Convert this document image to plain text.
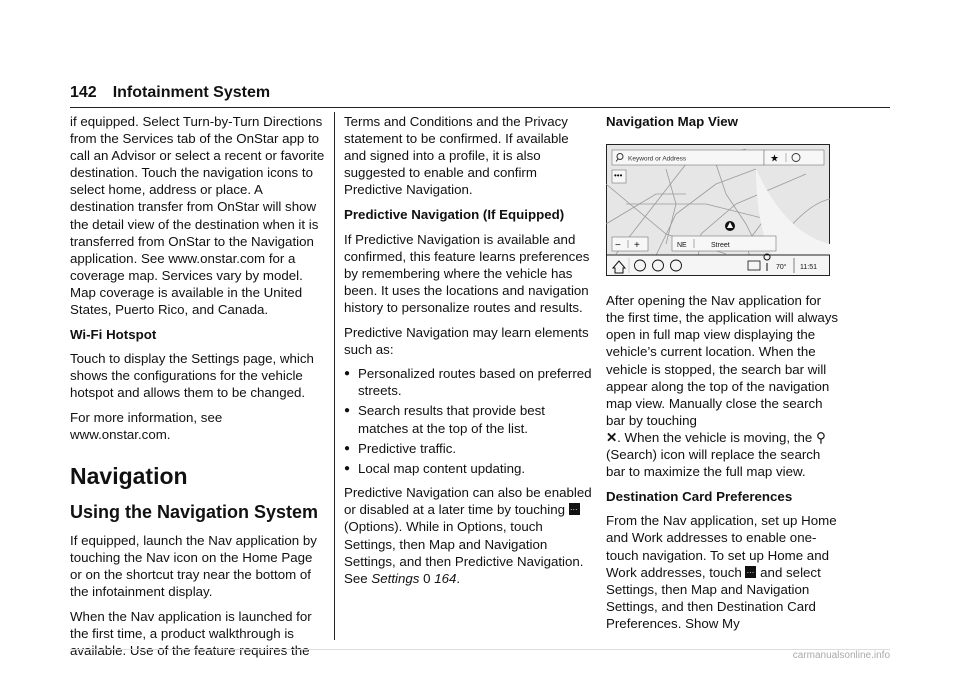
142 Infotainment System

if equipped. Select Turn-by-Turn Directions from the Services tab of the OnStar app to call an Advisor or select a recent or favorite destination. Touch the navigation icons to select home, address or place. A destination transfer from OnStar will show the detail view of the destination when it is transferred from OnStar to the Navigation application. See www.onstar.com for a coverage map. Services vary by model. Map coverage is available in the United States, Puerto Rico, and Canada.

Wi-Fi Hotspot

Touch to display the Settings page, which shows the configurations for the vehicle hotspot and allows them to be changed.

For more information, see www.onstar.com.

Navigation

Using the Navigation System

If equipped, launch the Nav application by touching the Nav icon on the Home Page or on the shortcut tray near the bottom of the infotainment display.

When the Nav application is launched for the first time, a product walkthrough is available. Use of the feature requires the

Terms and Conditions and the Privacy statement to be confirmed. If available and signed into a profile, it is also suggested to enable and confirm Predictive Navigation.

Predictive Navigation (If Equipped)

If Predictive Navigation is available and confirmed, this feature learns preferences by remembering where the vehicle has been. It uses the locations and navigation history to personalize routes and results.

Predictive Navigation may learn elements such as:

● Personalized routes based on preferred streets.
● Search results that provide best matches at the top of the list.
● Predictive traffic.
● Local map content updating.

Predictive Navigation can also be enabled or disabled at a later time by touching …
(Options). While in Options, touch Settings, then Map and Navigation Settings, and then Predictive Navigation. See Settings 0 164.

Navigation Map View

Keyword or Address	★
•••
− +	NE	Street
70° 11:51

After opening the Nav application for the first time, the application will always open in full map view displaying the vehicle’s current location. When the vehicle is stopped, the search bar will appear along the top of the navigation map view. Manually close the search bar by touching
✕. When the vehicle is moving, the ⚲
(Search) icon will replace the search bar to maximize the full map view.

Destination Card Preferences

From the Nav application, set up Home and Work addresses to enable one-touch navigation. To set up Home and Work addresses, touch … and select Settings, then Map and Navigation Settings, and then Destination Card Preferences. Show My

carmanualsonline.info
